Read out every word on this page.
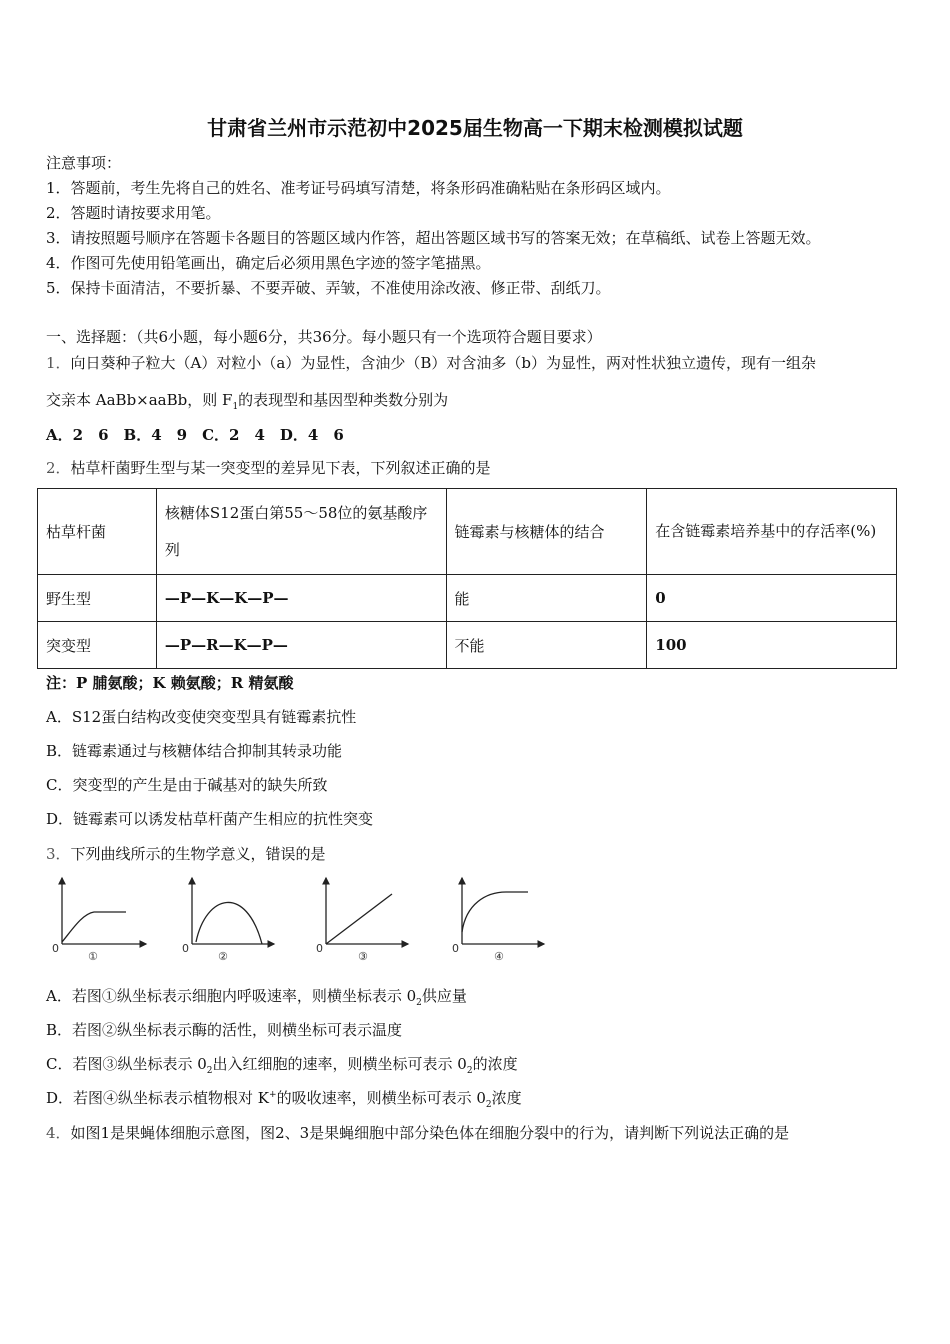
甘肃省兰州市示范初中2025届生物高一下期末检测模拟试题
注意事项：
1．答题前，考生先将自己的姓名、准考证号码填写清楚，将条形码准确粘贴在条形码区域内。
2．答题时请按要求用笔。
3．请按照题号顺序在答题卡各题目的答题区域内作答，超出答题区域书写的答案无效；在草稿纸、试卷上答题无效。
4．作图可先使用铅笔画出，确定后必须用黑色字迹的签字笔描黑。
5．保持卡面清洁，不要折暴、不要弄破、弄皱，不准使用涂改液、修正带、刮纸刀。
一、选择题：（共6小题，每小题6分，共36分。每小题只有一个选项符合题目要求）
1．向日葵种子粒大（A）对粒小（a）为显性，含油少（B）对含油多（b）为显性，两对性状独立遗传，现有一组杂
交亲本 AaBb×aaBb，则 $F_1$的表现型和基因型种类数分别为
A．2　6　B．4　9　C．2　4　D．4　6
2．枯草杆菌野生型与某一突变型的差异见下表，下列叙述正确的是
枯草杆菌	核糖体S12蛋白第55～58位的氨基酸序列	链霉素与核糖体的结合	在含链霉素培养基中的存活率(%)
野生型	—P—K—K—P—	能	0
突变型	—P—R—K—P—	不能	100
注：P 脯氨酸；K 赖氨酸；R 精氨酸
A．S12蛋白结构改变使突变型具有链霉素抗性
B．链霉素通过与核糖体结合抑制其转录功能
C．突变型的产生是由于碱基对的缺失所致
D．链霉素可以诱发枯草杆菌产生相应的抗性突变
3．下列曲线所示的生物学意义，错误的是
0	0	0	0
①	②	③	④
A．若图①纵坐标表示细胞内呼吸速率，则横坐标表示 $0_2$供应量
B．若图②纵坐标表示酶的活性，则横坐标可表示温度
C．若图③纵坐标表示 $0_2$出入红细胞的速率，则横坐标可表示 $0_2$的浓度
D．若图④纵坐标表示植物根对 K+的吸收速率，则横坐标可表示 $0_2$浓度
4．如图1是果蝇体细胞示意图，图2、3是果蝇细胞中部分染色体在细胞分裂中的行为，请判断下列说法正确的是
